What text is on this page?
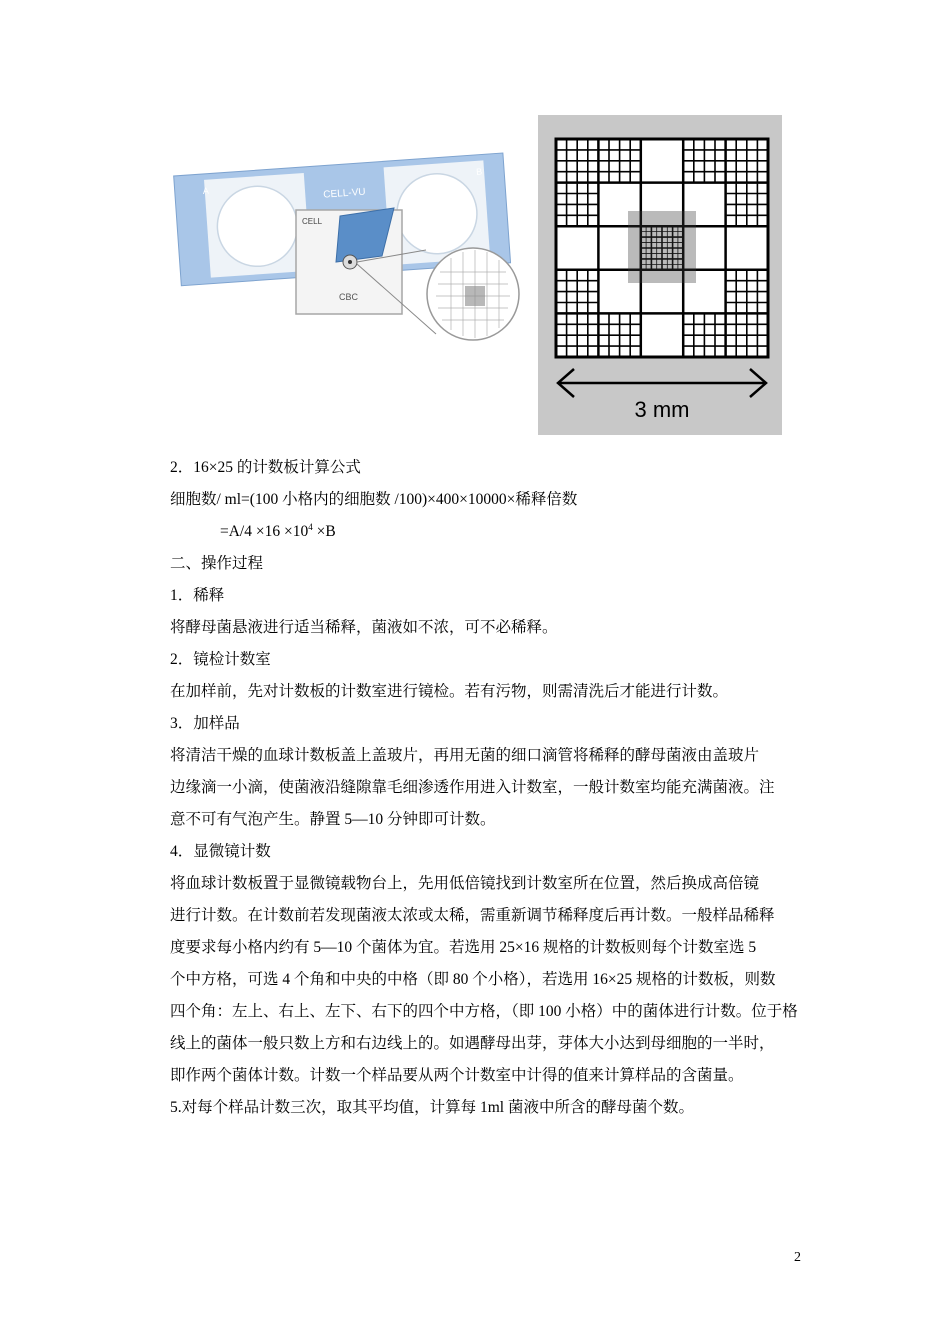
A
B
CELL-VU
CELL
CBC
3 mm

2．16×25 的计数板计算公式

细胞数/ ml=(100 小格内的细胞数 /100)×400×10000×稀释倍数

$=A/4 \times 16 \times 10^4 \times B$

二、操作过程

1．稀释

将酵母菌悬液进行适当稀释，菌液如不浓，可不必稀释。

2．镜检计数室

在加样前，先对计数板的计数室进行镜检。若有污物，则需清洗后才能进行计数。

3．加样品

将清洁干燥的血球计数板盖上盖玻片，再用无菌的细口滴管将稀释的酵母菌液由盖玻片

边缘滴一小滴，使菌液沿缝隙靠毛细渗透作用进入计数室，一般计数室均能充满菌液。注

意不可有气泡产生。静置 5—10 分钟即可计数。

4．显微镜计数

将血球计数板置于显微镜载物台上，先用低倍镜找到计数室所在位置，然后换成高倍镜

进行计数。在计数前若发现菌液太浓或太稀，需重新调节稀释度后再计数。一般样品稀释

度要求每小格内约有 5—10 个菌体为宜。若选用 25×16 规格的计数板则每个计数室选 5

个中方格，可选 4 个角和中央的中格（即 80 个小格），若选用 16×25 规格的计数板，则数

四个角：左上、右上、左下、右下的四个中方格，（即 100 小格）中的菌体进行计数。位于格

线上的菌体一般只数上方和右边线上的。如遇酵母出芽，芽体大小达到母细胞的一半时，

即作两个菌体计数。计数一个样品要从两个计数室中计得的值来计算样品的含菌量。

5.对每个样品计数三次，取其平均值，计算每 1ml 菌液中所含的酵母菌个数。

2
